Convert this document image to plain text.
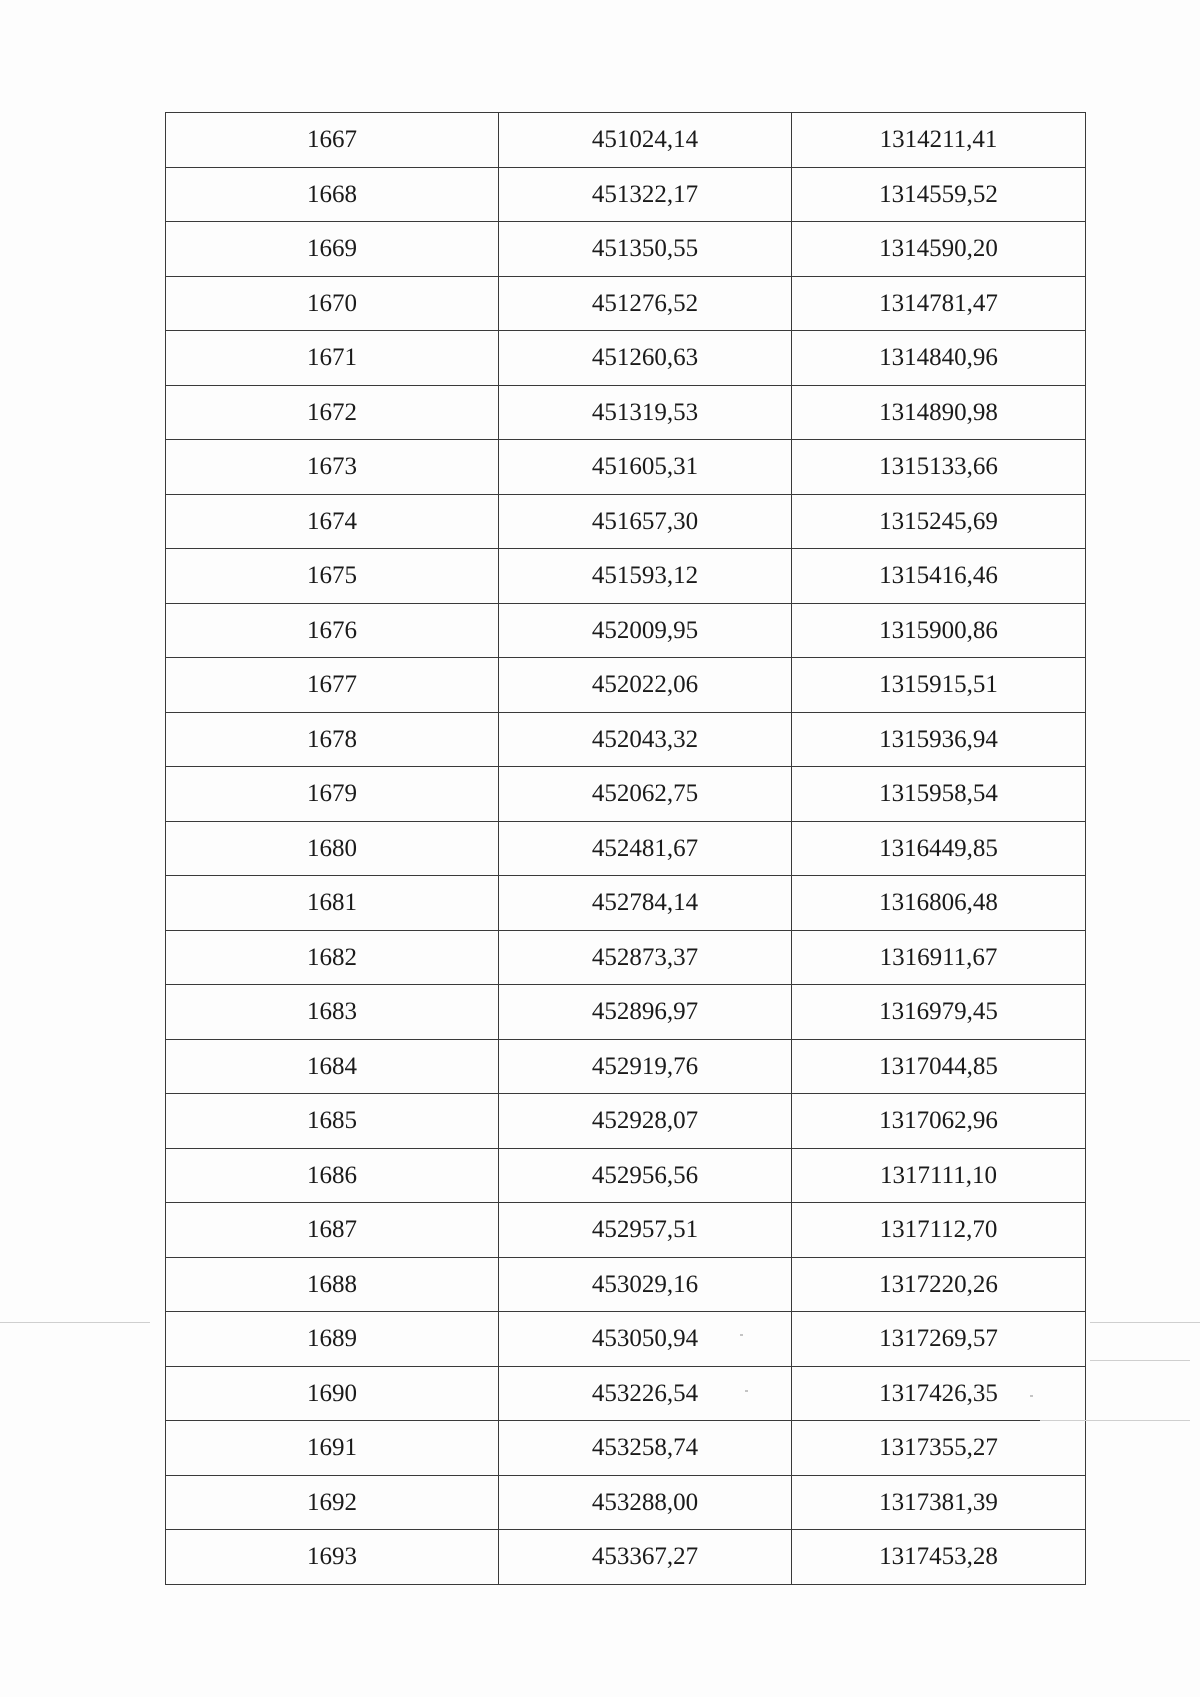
1667	451024,14	1314211,41
1668	451322,17	1314559,52
1669	451350,55	1314590,20
1670	451276,52	1314781,47
1671	451260,63	1314840,96
1672	451319,53	1314890,98
1673	451605,31	1315133,66
1674	451657,30	1315245,69
1675	451593,12	1315416,46
1676	452009,95	1315900,86
1677	452022,06	1315915,51
1678	452043,32	1315936,94
1679	452062,75	1315958,54
1680	452481,67	1316449,85
1681	452784,14	1316806,48
1682	452873,37	1316911,67
1683	452896,97	1316979,45
1684	452919,76	1317044,85
1685	452928,07	1317062,96
1686	452956,56	1317111,10
1687	452957,51	1317112,70
1688	453029,16	1317220,26
1689	453050,94	1317269,57
1690	453226,54	1317426,35
1691	453258,74	1317355,27
1692	453288,00	1317381,39
1693	453367,27	1317453,28
